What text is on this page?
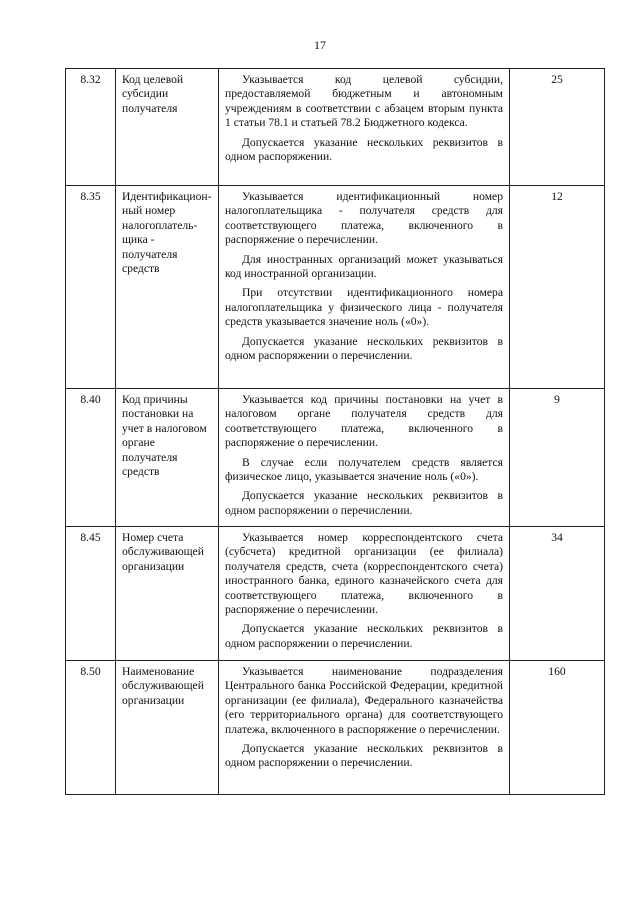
17
8.32	Код целевой субсидии получателя	Указывается код целевой субсидии, предоставляемой бюджетным и автономным учреждениям в соответствии с абзацем вторым пункта 1 статьи 78.1 и статьей 78.2 Бюджетного кодекса.

Допускается указание нескольких реквизитов в одном распоряжении.	25
8.35	Идентификацион-ный номер налогоплатель-щика - получателя средств	Указывается идентификационный номер налогоплательщика - получателя средств для соответствующего платежа, включенного в распоряжение о перечислении.

Для иностранных организаций может указываться код иностранной организации.

При отсутствии идентификационного номера налогоплательщика у физического лица - получателя средств указывается значение ноль («0»).

Допускается указание нескольких реквизитов в одном распоряжении о перечислении.	12
8.40	Код причины постановки на учет в налоговом органе получателя средств	Указывается код причины постановки на учет в налоговом органе получателя средств для соответствующего платежа, включенного в распоряжение о перечислении.

В случае если получателем средств является физическое лицо, указывается значение ноль («0»).

Допускается указание нескольких реквизитов в одном распоряжении о перечислении.	9
8.45	Номер счета обслуживающей организации	Указывается номер корреспондентского счета (субсчета) кредитной организации (ее филиала) получателя средств, счета (корреспондентского счета) иностранного банка, единого казначейского счета для соответствующего платежа, включенного в распоряжение о перечислении.

Допускается указание нескольких реквизитов в одном распоряжении о перечислении.	34
8.50	Наименование обслуживающей организации	Указывается наименование подразделения Центрального банка Российской Федерации, кредитной организации (ее филиала), Федерального казначейства (его территориального органа) для соответствующего платежа, включенного в распоряжение о перечислении.

Допускается указание нескольких реквизитов в одном распоряжении о перечислении.	160
